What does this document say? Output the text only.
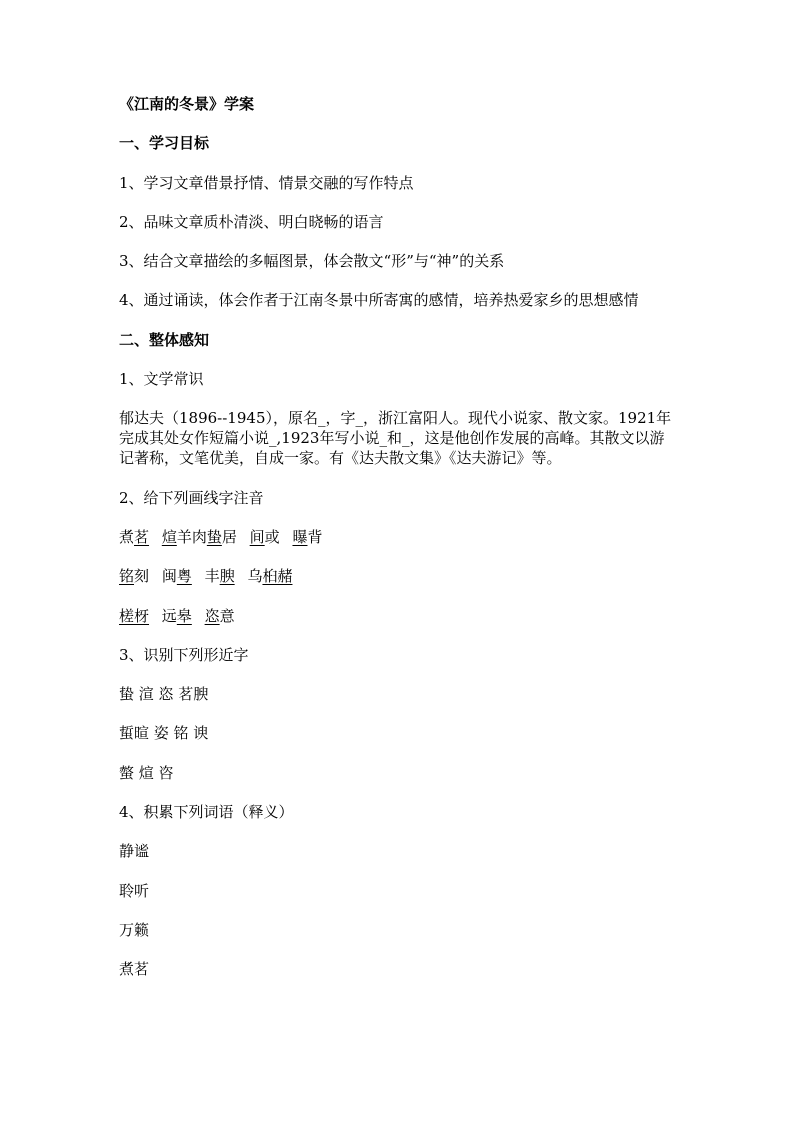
《江南的冬景》学案
一、学习目标
1、学习文章借景抒情、情景交融的写作特点
2、品味文章质朴清淡、明白晓畅的语言
3、结合文章描绘的多幅图景，体会散文“形”与“神”的关系
4、通过诵读，体会作者于江南冬景中所寄寓的感情，培养热爱家乡的思想感情
二、整体感知
1、文学常识
郁达夫（1896--1945），原名_，字_，浙江富阳人。现代小说家、散文家。1921年完成其处女作短篇小说_,1923年写小说_和_，这是他创作发展的高峰。其散文以游记著称，文笔优美，自成一家。有《达夫散文集》《达夫游记》等。
2、给下列画线字注音
煮茗 煊羊肉蛰居 间或 曝背
铭刻 闽粤 丰腴 乌桕赭
槎枒 远皋 恣意
3、识别下列形近字
蛰 渲 恣 茗腴
蜇暄 姿 铭 谀
螫 煊 咨
4、积累下列词语（释义）
静谧
聆听
万籁
煮茗
